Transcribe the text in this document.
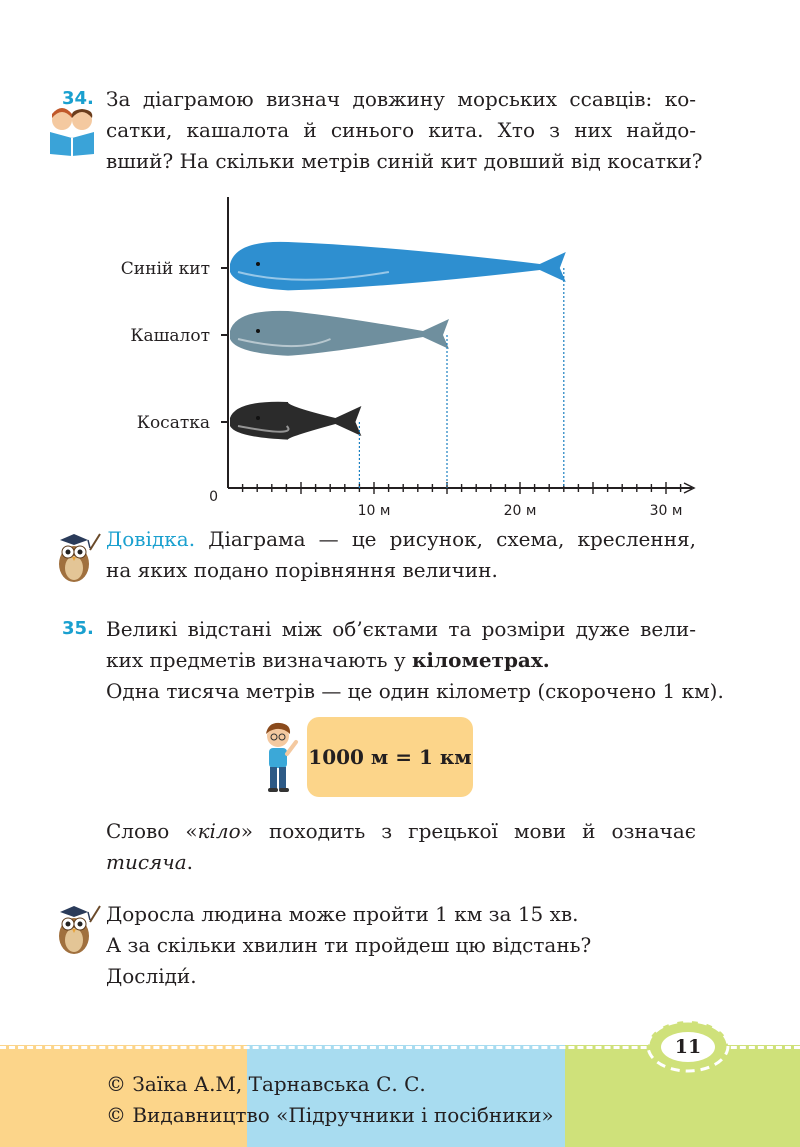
34. За діаграмою визнач довжину морських ссавців: ко-
сатки, кашалота й синього кита. Хто з них найдо-
вший? На скільки метрів синій кит довший від косатки?
0
10 м	20 м	30 м
Синій кит
Кашалот
Косатка
Довідка. Діаграма — це рисунок, схема, креслення,
на яких подано порівняння величин.
35. Великі відстані між об’єктами та розміри дуже вели-
ких предметів визначають у кілометрах.
Одна тисяча метрів — це один кілометр (скорочено 1 км).
1000 м = 1 км
Слово «кіло» походить з грецької мови й означає
тисяча.
Доросла людина може пройти 1 км за 15 хв.
А за скільки хвилин ти пройдеш цю відстань?
Досліди́.
11
© Заїка А.М, Тарнавська С. С.
© Видавництво «Підручники і посібники»
